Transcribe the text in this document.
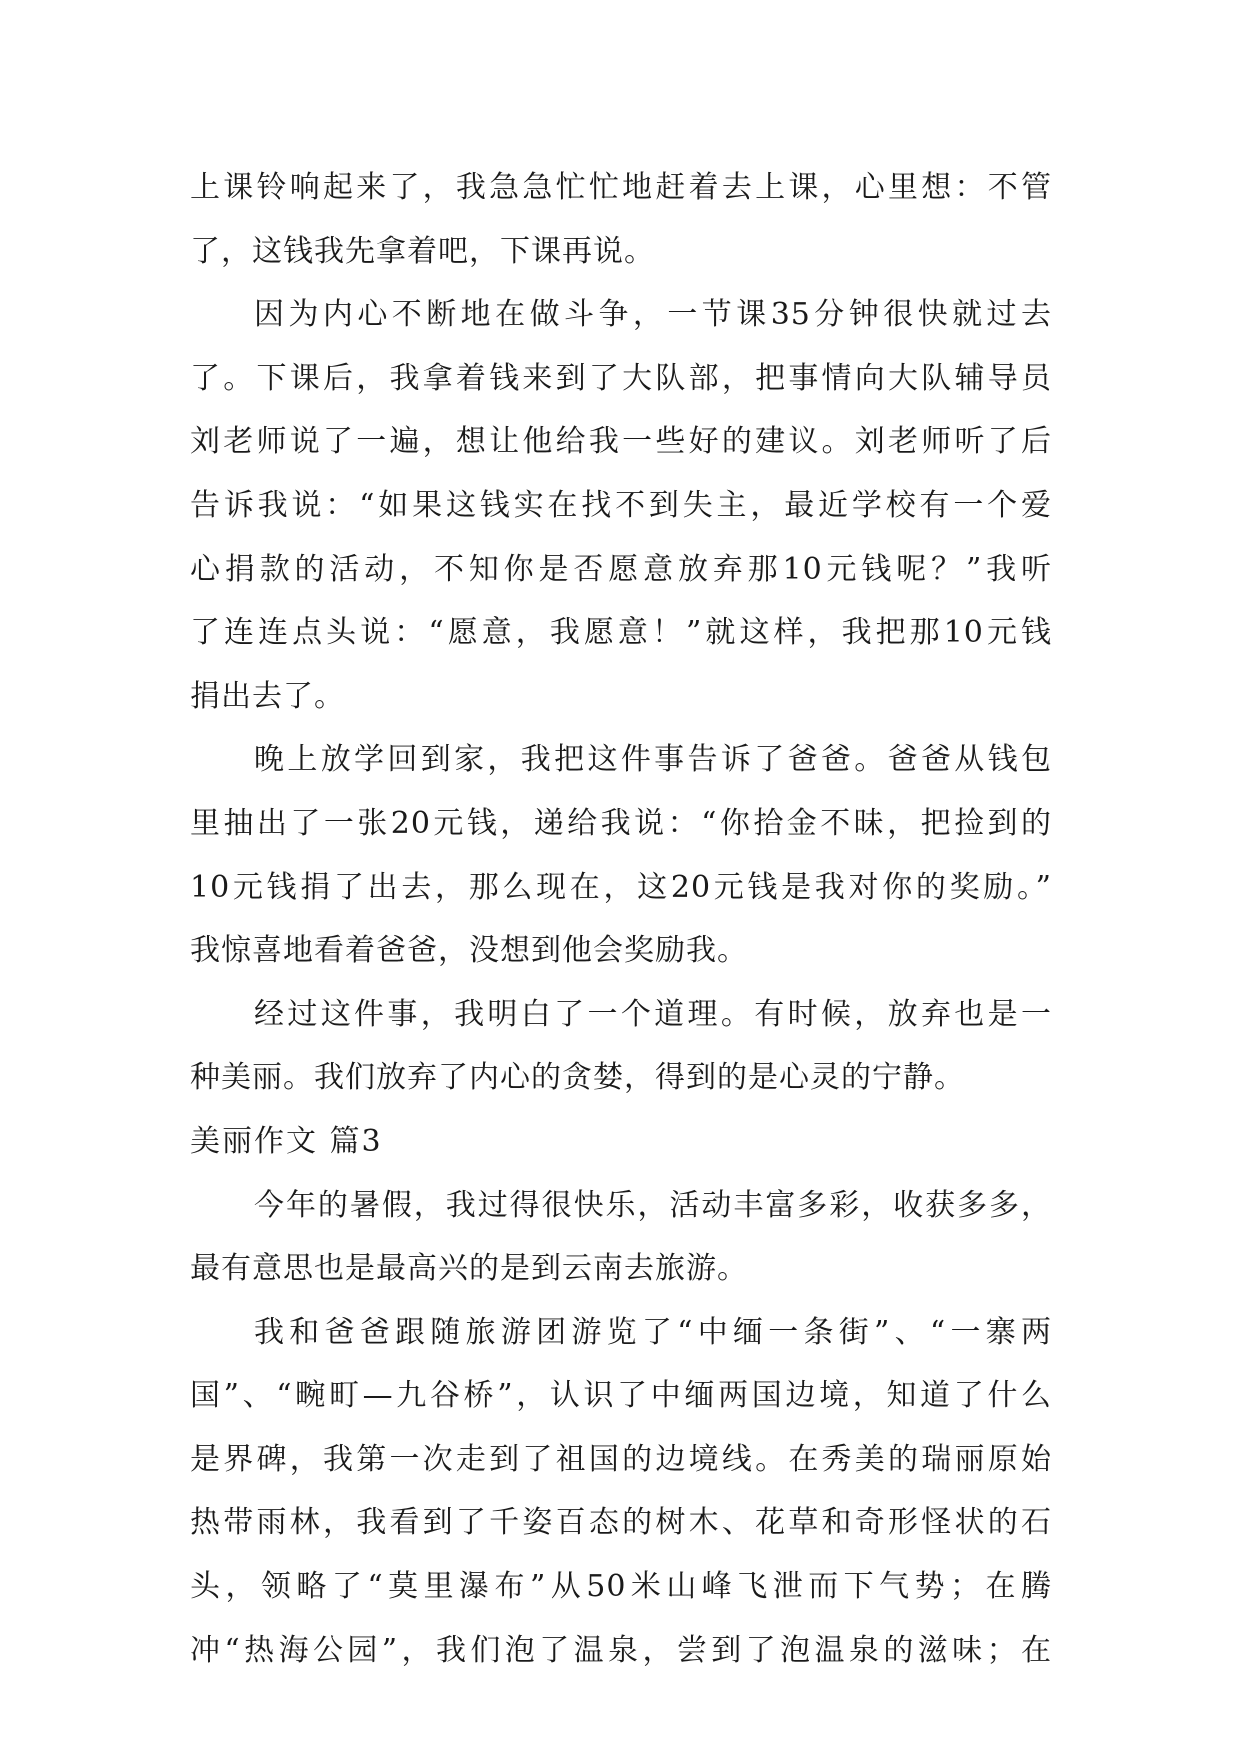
上课铃响起来了，我急急忙忙地赶着去上课，心里想：不管
了，这钱我先拿着吧，下课再说。
因为内心不断地在做斗争，一节课35分钟很快就过去
了。下课后，我拿着钱来到了大队部，把事情向大队辅导员
刘老师说了一遍，想让他给我一些好的建议。刘老师听了后
告诉我说：“如果这钱实在找不到失主，最近学校有一个爱
心捐款的活动，不知你是否愿意放弃那10元钱呢？”我听
了连连点头说：“愿意，我愿意！”就这样，我把那10元钱
捐出去了。
晚上放学回到家，我把这件事告诉了爸爸。爸爸从钱包
里抽出了一张20元钱，递给我说：“你拾金不昧，把捡到的
10元钱捐了出去，那么现在，这20元钱是我对你的奖励。”
我惊喜地看着爸爸，没想到他会奖励我。
经过这件事，我明白了一个道理。有时候，放弃也是一
种美丽。我们放弃了内心的贪婪，得到的是心灵的宁静。
美丽作文 篇3
今年的暑假，我过得很快乐，活动丰富多彩，收获多多，
最有意思也是最高兴的是到云南去旅游。
我和爸爸跟随旅游团游览了“中缅一条街”、“一寨两
国”、“畹町—九谷桥”，认识了中缅两国边境，知道了什么
是界碑，我第一次走到了祖国的边境线。在秀美的瑞丽原始
热带雨林，我看到了千姿百态的树木、花草和奇形怪状的石
头，领略了“莫里瀑布”从50米山峰飞泄而下气势；在腾
冲“热海公园”，我们泡了温泉，尝到了泡温泉的滋味；在
